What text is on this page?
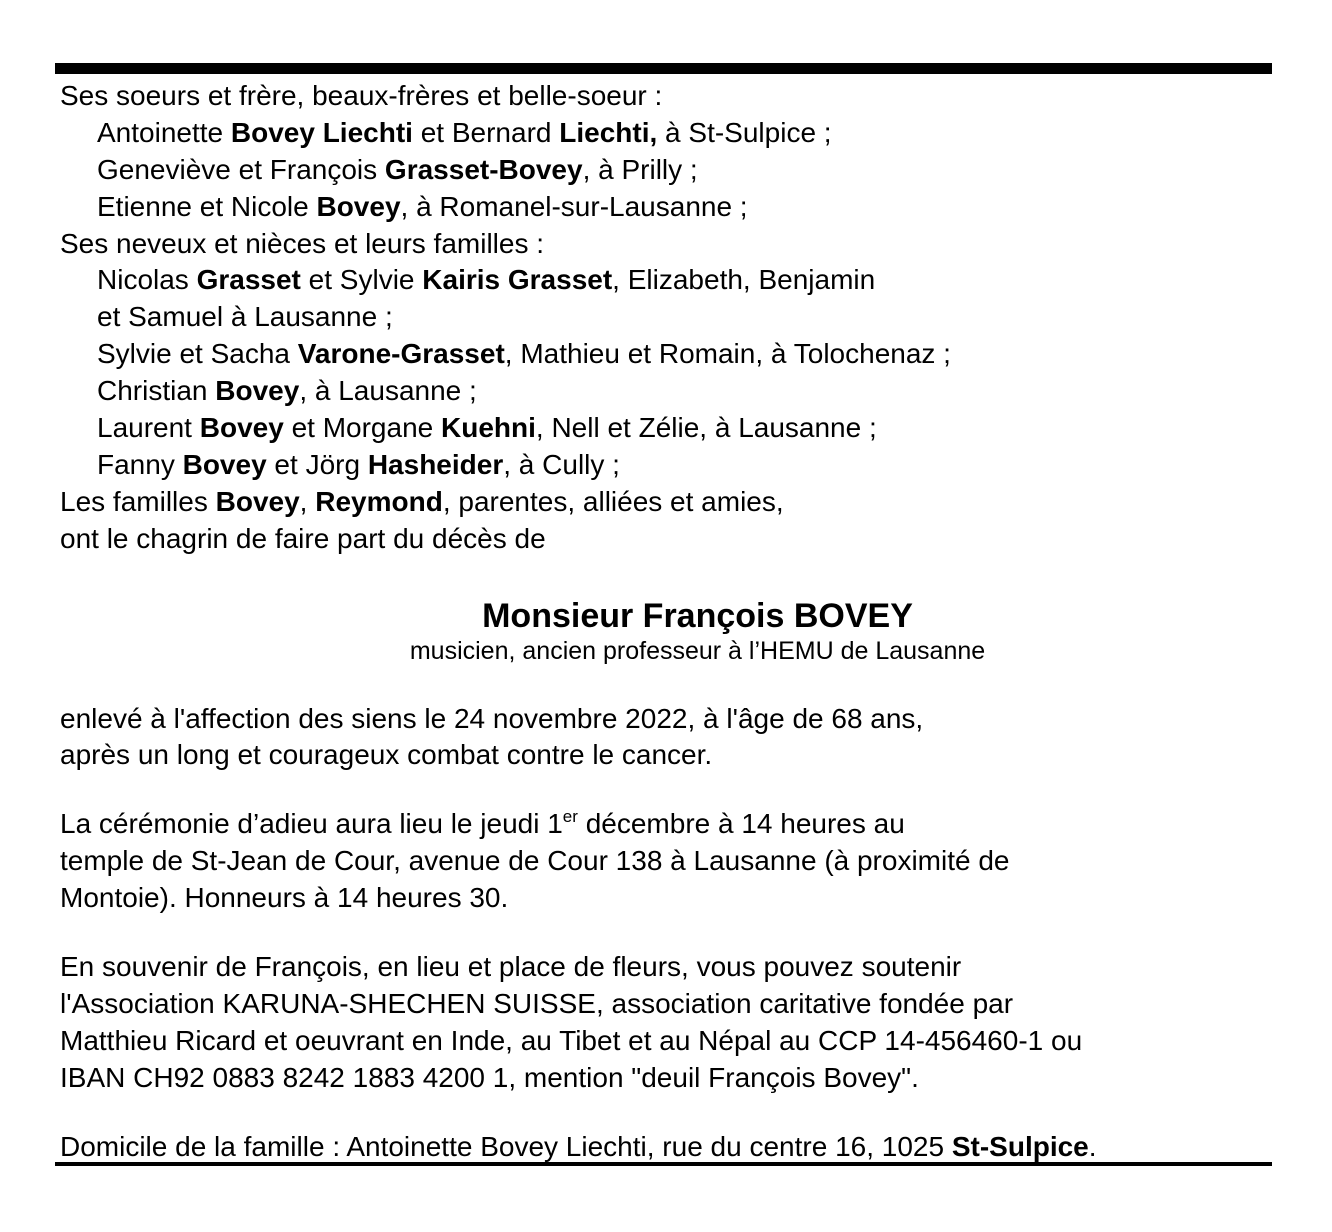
Ses soeurs et frère, beaux-frères et belle-soeur :
Antoinette Bovey Liechti et Bernard Liechti, à St-Sulpice ;
Geneviève et François Grasset-Bovey, à Prilly ;
Etienne et Nicole Bovey, à Romanel-sur-Lausanne ;
Ses neveux et nièces et leurs familles :
Nicolas Grasset et Sylvie Kairis Grasset, Elizabeth, Benjamin
et Samuel à Lausanne ;
Sylvie et Sacha Varone-Grasset, Mathieu et Romain, à Tolochenaz ;
Christian Bovey, à Lausanne ;
Laurent Bovey et Morgane Kuehni, Nell et Zélie, à Lausanne ;
Fanny Bovey et Jörg Hasheider, à Cully ;
Les familles Bovey, Reymond, parentes, alliées et amies,
ont le chagrin de faire part du décès de
Monsieur François BOVEY
musicien, ancien professeur à l’HEMU de Lausanne
enlevé à l'affection des siens le 24 novembre 2022, à l'âge de 68 ans,
après un long et courageux combat contre le cancer.
La cérémonie d’adieu aura lieu le jeudi 1er décembre à 14 heures au
temple de St-Jean de Cour, avenue de Cour 138 à Lausanne (à proximité de
Montoie). Honneurs à 14 heures 30.
En souvenir de François, en lieu et place de fleurs, vous pouvez soutenir
l'Association KARUNA-SHECHEN SUISSE, association caritative fondée par
Matthieu Ricard et oeuvrant en Inde, au Tibet et au Népal au CCP 14-456460-1 ou
IBAN CH92 0883 8242 1883 4200 1, mention "deuil François Bovey".
Domicile de la famille : Antoinette Bovey Liechti, rue du centre 16, 1025 St-Sulpice.
